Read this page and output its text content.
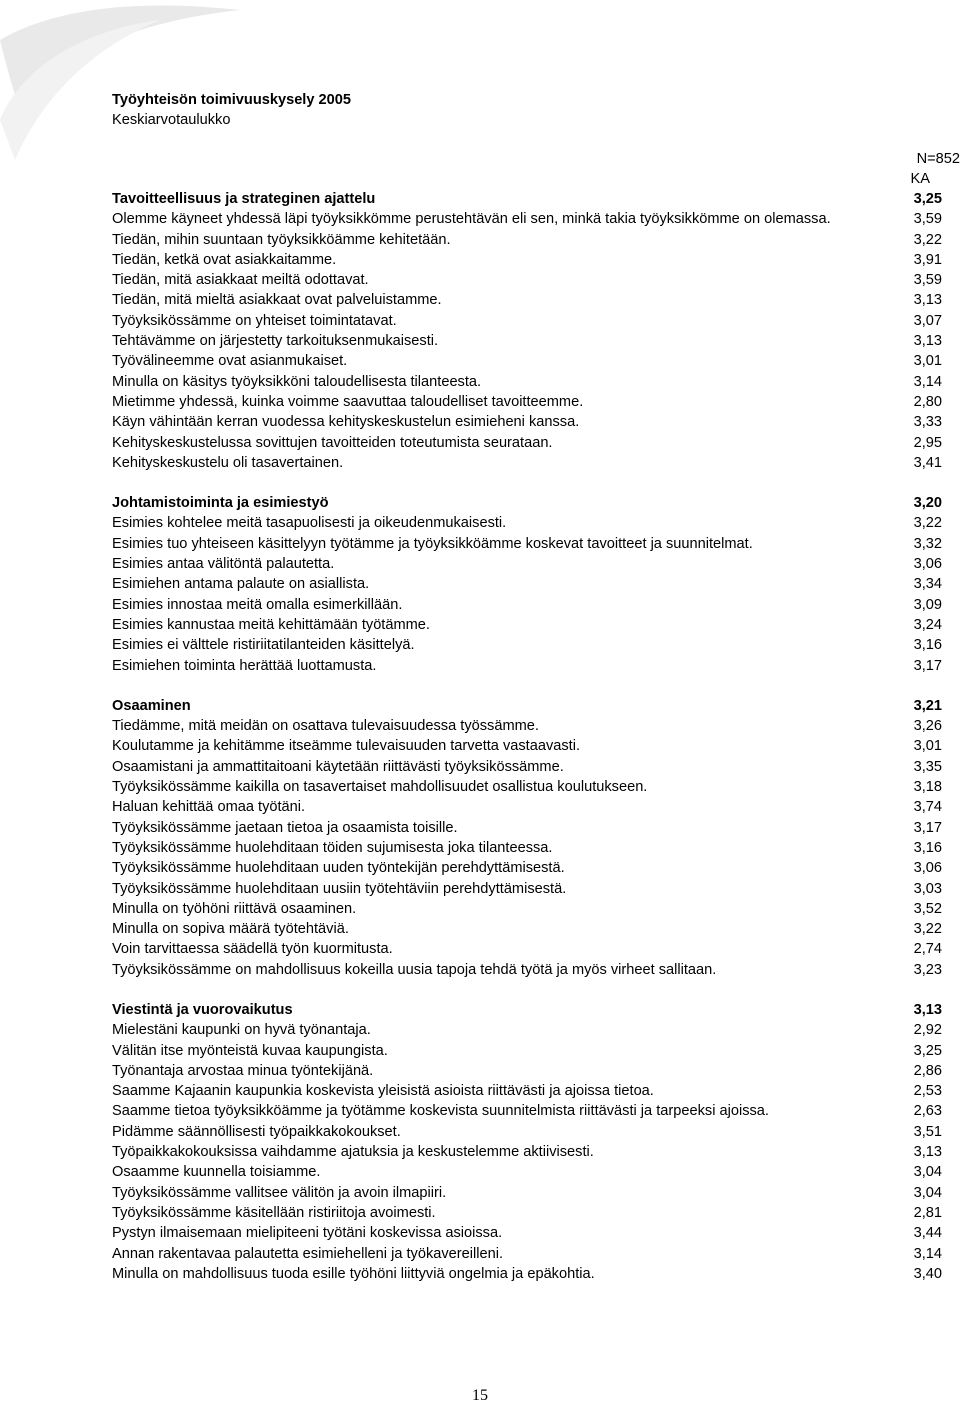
Työyhteisön toimivuuskysely 2005
Keskiarvotaulukko
N=852
KA
Tavoitteellisuus ja strateginen ajattelu	3,25
Olemme käyneet yhdessä läpi työyksikkömme perustehtävän eli sen, minkä takia työyksikkömme on olemassa.	3,59
Tiedän, mihin suuntaan työyksikköämme kehitetään.	3,22
Tiedän, ketkä ovat asiakkaitamme.	3,91
Tiedän, mitä asiakkaat meiltä odottavat.	3,59
Tiedän, mitä mieltä asiakkaat ovat palveluistamme.	3,13
Työyksikössämme on yhteiset toimintatavat.	3,07
Tehtävämme on järjestetty tarkoituksenmukaisesti.	3,13
Työvälineemme ovat asianmukaiset.	3,01
Minulla on käsitys työyksikköni taloudellisesta tilanteesta.	3,14
Mietimme yhdessä, kuinka voimme saavuttaa taloudelliset tavoitteemme.	2,80
Käyn vähintään kerran vuodessa kehityskeskustelun esimieheni kanssa.	3,33
Kehityskeskustelussa sovittujen tavoitteiden toteutumista seurataan.	2,95
Kehityskeskustelu oli tasavertainen.	3,41
Johtamistoiminta ja esimiestyö	3,20
Esimies kohtelee meitä tasapuolisesti ja oikeudenmukaisesti.	3,22
Esimies tuo yhteiseen käsittelyyn työtämme ja työyksikköämme koskevat tavoitteet ja suunnitelmat.	3,32
Esimies antaa välitöntä palautetta.	3,06
Esimiehen antama palaute on asiallista.	3,34
Esimies innostaa meitä omalla esimerkillään.	3,09
Esimies kannustaa meitä kehittämään työtämme.	3,24
Esimies ei välttele ristiriitatilanteiden käsittelyä.	3,16
Esimiehen toiminta herättää luottamusta.	3,17
Osaaminen	3,21
Tiedämme, mitä meidän on osattava tulevaisuudessa työssämme.	3,26
Koulutamme ja kehitämme itseämme tulevaisuuden tarvetta vastaavasti.	3,01
Osaamistani ja ammattitaitoani käytetään riittävästi työyksikössämme.	3,35
Työyksikössämme kaikilla on tasavertaiset mahdollisuudet osallistua koulutukseen.	3,18
Haluan kehittää omaa työtäni.	3,74
Työyksikössämme jaetaan tietoa ja osaamista toisille.	3,17
Työyksikössämme huolehditaan töiden sujumisesta joka tilanteessa.	3,16
Työyksikössämme huolehditaan uuden työntekijän perehdyttämisestä.	3,06
Työyksikössämme huolehditaan uusiin työtehtäviin perehdyttämisestä.	3,03
Minulla on työhöni riittävä osaaminen.	3,52
Minulla on sopiva määrä työtehtäviä.	3,22
Voin tarvittaessa säädellä työn kuormitusta.	2,74
Työyksikössämme on mahdollisuus kokeilla uusia tapoja tehdä työtä ja myös virheet sallitaan.	3,23
Viestintä ja vuorovaikutus	3,13
Mielestäni kaupunki on hyvä työnantaja.	2,92
Välitän itse myönteistä kuvaa kaupungista.	3,25
Työnantaja arvostaa minua työntekijänä.	2,86
Saamme Kajaanin kaupunkia koskevista yleisistä asioista riittävästi ja ajoissa tietoa.	2,53
Saamme tietoa työyksikköämme ja työtämme koskevista suunnitelmista riittävästi ja tarpeeksi ajoissa.	2,63
Pidämme säännöllisesti työpaikkakokoukset.	3,51
Työpaikkakokouksissa vaihdamme ajatuksia ja keskustelemme aktiivisesti.	3,13
Osaamme kuunnella toisiamme.	3,04
Työyksikössämme vallitsee välitön ja avoin ilmapiiri.	3,04
Työyksikössämme käsitellään ristiriitoja avoimesti.	2,81
Pystyn ilmaisemaan mielipiteeni työtäni koskevissa asioissa.	3,44
Annan rakentavaa palautetta esimiehelleni ja työkavereilleni.	3,14
Minulla on mahdollisuus tuoda esille työhöni liittyviä ongelmia ja epäkohtia.	3,40
15
